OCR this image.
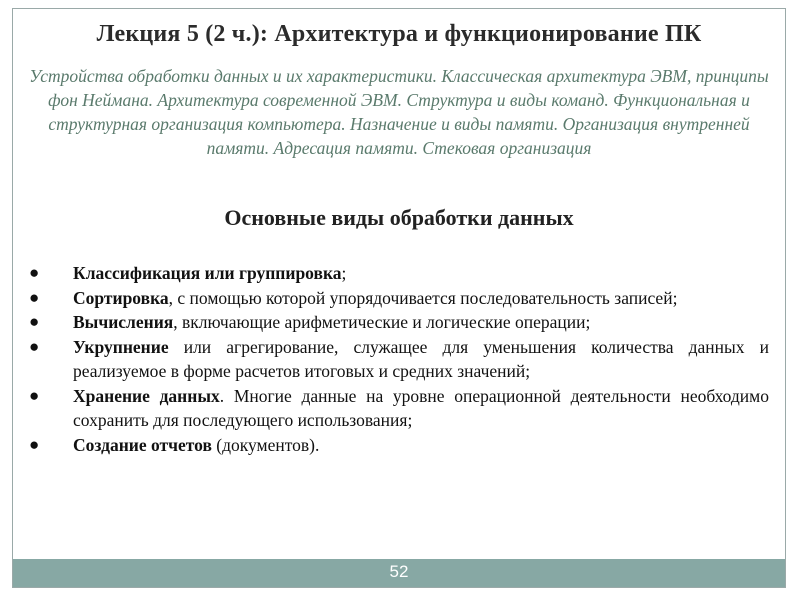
Лекция 5 (2 ч.): Архитектура и функционирование ПК
Устройства обработки данных и их характеристики. Классическая архитектура ЭВМ, принципы фон Неймана. Архитектура современной ЭВМ. Структура и виды команд. Функциональная и структурная организация компьютера. Назначение и виды памяти. Организация внутренней памяти. Адресация памяти. Стековая организация
Основные виды обработки данных
●	Классификация или группировка;
●	Сортировка, с помощью которой упорядочивается последовательность записей;
●	Вычисления, включающие арифметические и логические операции;
●	Укрупнение или агрегирование, служащее для уменьшения количества данных и реализуемое в форме расчетов итоговых и средних значений;
●	Хранение данных. Многие данные на уровне операционной деятельности необходимо сохранить для последующего использования;
●	Создание отчетов (документов).
52
